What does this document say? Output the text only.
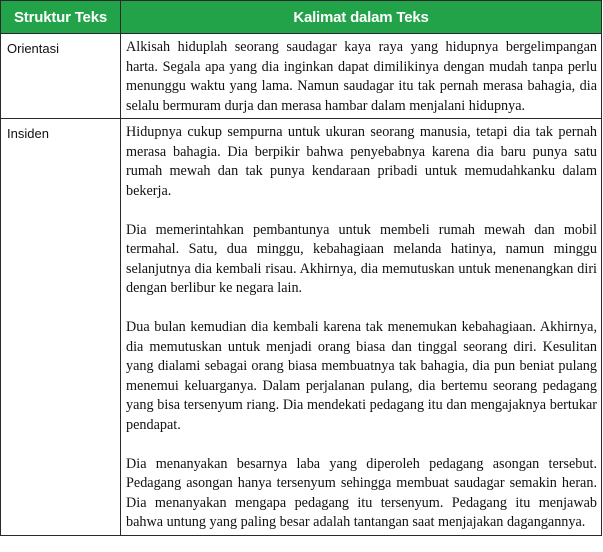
Struktur Teks	Kalimat dalam Teks
Orientasi	Alkisah hiduplah seorang saudagar kaya raya yang hidupnya bergelimpangan harta. Segala apa yang dia inginkan dapat dimilikinya dengan mudah tanpa perlu menunggu waktu yang lama. Namun saudagar itu tak pernah merasa bahagia, dia selalu bermuram durja dan merasa hambar dalam menjalani hidupnya.

Insiden	Hidupnya cukup sempurna untuk ukuran seorang manusia, tetapi dia tak pernah merasa bahagia. Dia berpikir bahwa penyebabnya karena dia baru punya satu rumah mewah dan tak punya kendaraan pribadi untuk memudahkanku dalam bekerja.

Dia memerintahkan pembantunya untuk membeli rumah mewah dan mobil termahal. Satu, dua minggu, kebahagiaan melanda hatinya, namun minggu selanjutnya dia kembali risau. Akhirnya, dia memutuskan untuk menenangkan diri dengan berlibur ke negara lain.

Dua bulan kemudian dia kembali karena tak menemukan kebahagiaan. Akhirnya, dia memutuskan untuk menjadi orang biasa dan tinggal seorang diri. Kesulitan yang dialami sebagai orang biasa membuatnya tak bahagia, dia pun beniat pulang menemui keluarganya. Dalam perjalanan pulang, dia bertemu seorang pedagang yang bisa tersenyum riang. Dia mendekati pedagang itu dan mengajaknya bertukar pendapat.

Dia menanyakan besarnya laba yang diperoleh pedagang asongan tersebut. Pedagang asongan hanya tersenyum sehingga membuat saudagar semakin heran. Dia menanyakan mengapa pedagang itu tersenyum. Pedagang itu menjawab bahwa untung yang paling besar adalah tantangan saat menjajakan dagangannya.
